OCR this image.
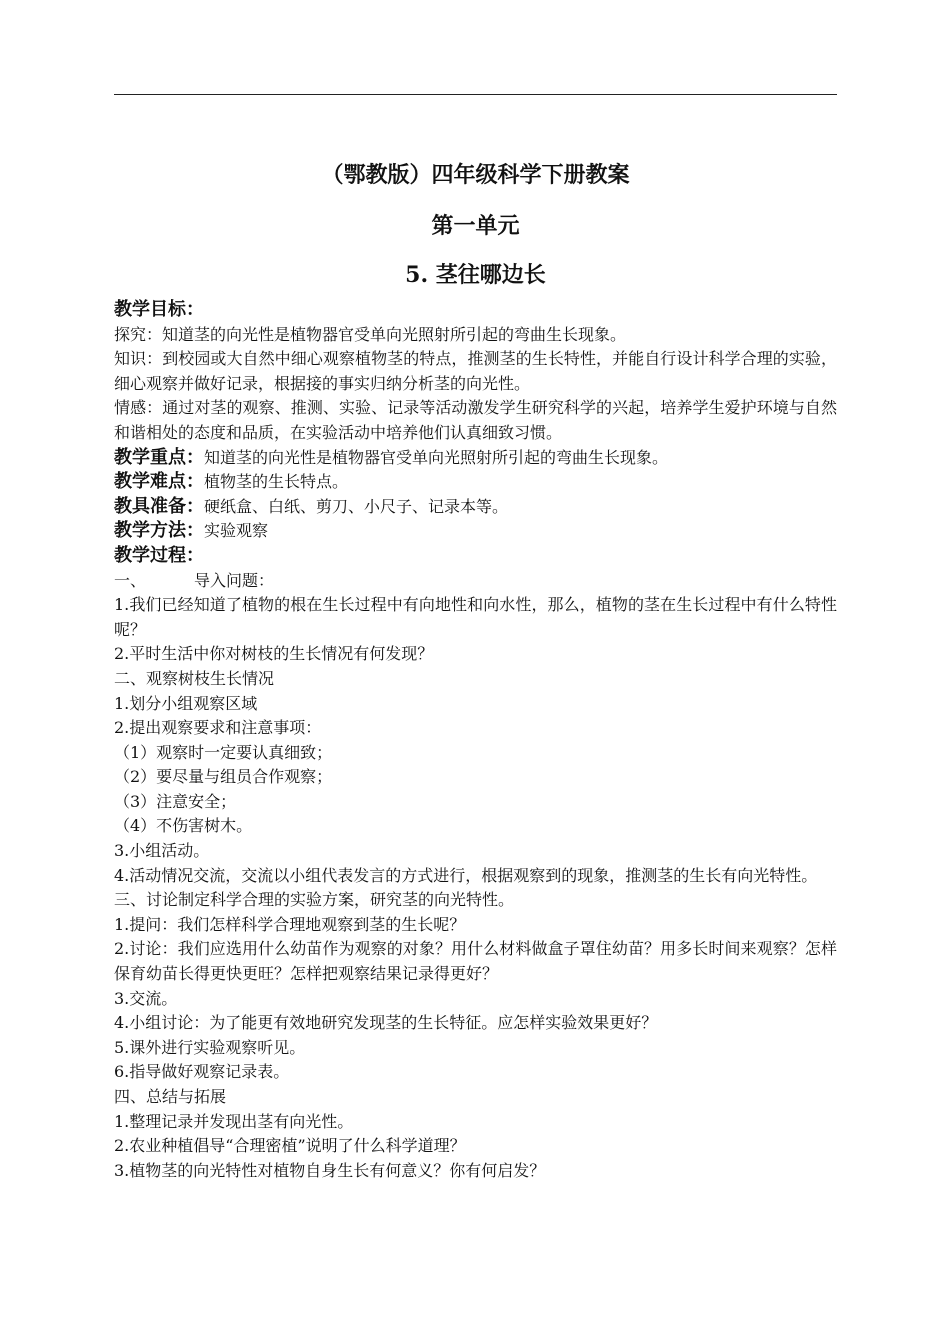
（鄂教版）四年级科学下册教案
第一单元
5. 茎往哪边长

教学目标：

探究：知道茎的向光性是植物器官受单向光照射所引起的弯曲生长现象。

知识：到校园或大自然中细心观察植物茎的特点，推测茎的生长特性，并能自行设计科学合理的实验，细心观察并做好记录，根据接的事实归纳分析茎的向光性。

情感：通过对茎的观察、推测、实验、记录等活动激发学生研究科学的兴起，培养学生爱护环境与自然和谐相处的态度和品质，在实验活动中培养他们认真细致习惯。

教学重点：知道茎的向光性是植物器官受单向光照射所引起的弯曲生长现象。

教学难点：植物茎的生长特点。

教具准备：硬纸盒、白纸、剪刀、小尺子、记录本等。

教学方法：实验观察

教学过程：

一、	导入问题：

1.我们已经知道了植物的根在生长过程中有向地性和向水性，那么，植物的茎在生长过程中有什么特性呢？

2.平时生活中你对树枝的生长情况有何发现？

二、观察树枝生长情况

1.划分小组观察区域

2.提出观察要求和注意事项：

（1）观察时一定要认真细致；

（2）要尽量与组员合作观察；

（3）注意安全；

（4）不伤害树木。

3.小组活动。

4.活动情况交流，交流以小组代表发言的方式进行，根据观察到的现象，推测茎的生长有向光特性。

三、讨论制定科学合理的实验方案，研究茎的向光特性。

1.提问：我们怎样科学合理地观察到茎的生长呢？

2.讨论：我们应选用什么幼苗作为观察的对象？用什么材料做盒子罩住幼苗？用多长时间来观察？怎样保育幼苗长得更快更旺？怎样把观察结果记录得更好？

3.交流。

4.小组讨论：为了能更有效地研究发现茎的生长特征。应怎样实验效果更好？

5.课外进行实验观察听见。

6.指导做好观察记录表。

四、总结与拓展

1.整理记录并发现出茎有向光性。

2.农业种植倡导“合理密植”说明了什么科学道理？

3.植物茎的向光特性对植物自身生长有何意义？你有何启发？
